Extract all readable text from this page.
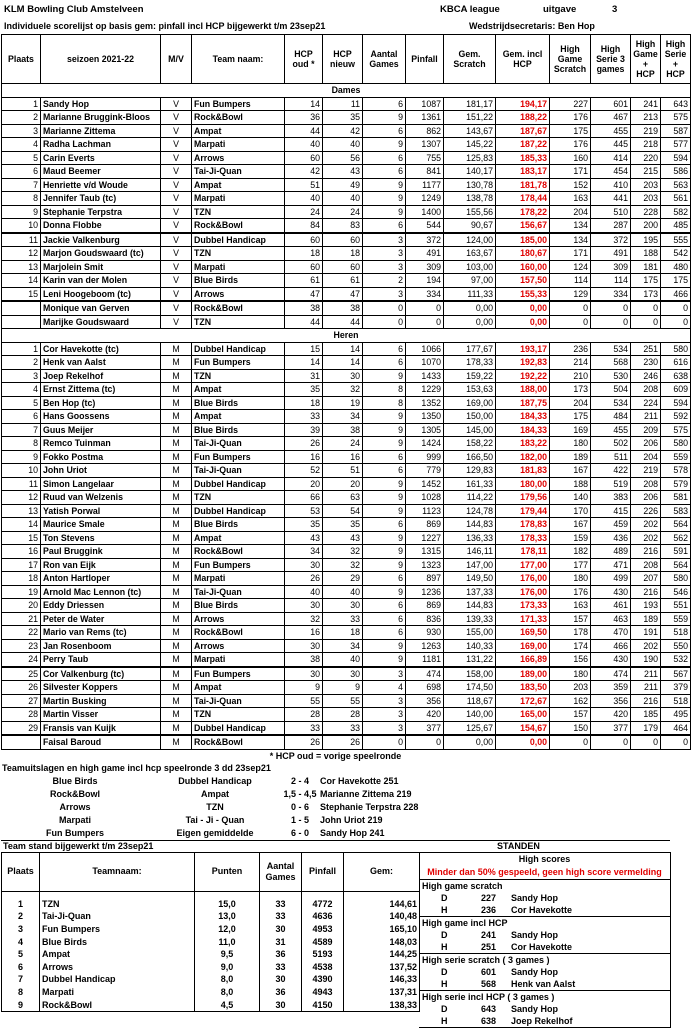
KLM Bowling Club Amstelveen	KBCA league	uitgave	3
Individuele scorelijst op basis gem: pinfall incl HCP bijgewerkt t/m 23sep21	Wedstrijdsecretaris: Ben Hop
Plaats	seizoen 2021-22	M/V	Team naam:	HCP oud *	HCP nieuw	Aantal Games	Pinfall	Gem. Scratch	Gem. incl HCP	High Game Scratch	High Serie 3 games	High Game + HCP	High Serie + HCP
Dames													
1	Sandy Hop	V	Fun Bumpers	14	11	6	1087	181,17	194,17	227	601	241	643
2	Marianne Bruggink-Bloos	V	Rock&Bowl	36	35	9	1361	151,22	188,22	176	467	213	575
3	Marianne Zittema	V	Ampat	44	42	6	862	143,67	187,67	175	455	219	587
4	Radha Lachman	V	Marpati	40	40	9	1307	145,22	187,22	176	445	218	577
5	Carin Everts	V	Arrows	60	56	6	755	125,83	185,33	160	414	220	594
6	Maud Beemer	V	Tai-Ji-Quan	42	43	6	841	140,17	183,17	171	454	215	586
7	Henriette v/d Woude	V	Ampat	51	49	9	1177	130,78	181,78	152	410	203	563
8	Jennifer Taub (tc)	V	Marpati	40	40	9	1249	138,78	178,44	163	441	203	561
9	Stephanie Terpstra	V	TZN	24	24	9	1400	155,56	178,22	204	510	228	582
10	Donna Flobbe	V	Rock&Bowl	84	83	6	544	90,67	156,67	134	287	200	485
11	Jackie Valkenburg	V	Dubbel Handicap	60	60	3	372	124,00	185,00	134	372	195	555
12	Marjon Goudswaard (tc)	V	TZN	18	18	3	491	163,67	180,67	171	491	188	542
13	Marjolein Smit	V	Marpati	60	60	3	309	103,00	160,00	124	309	181	480
14	Karin van der Molen	V	Blue Birds	61	61	2	194	97,00	157,50	114	114	175	175
15	Leni Hoogeboom (tc)	V	Arrows	47	47	3	334	111,33	155,33	129	334	173	466
	Monique van Gerven	V	Rock&Bowl	38	38	0	0	0,00	0,00	0	0	0	0
	Marijke Goudswaard	V	TZN	44	44	0	0	0,00	0,00	0	0	0	0
Heren													
1	Cor Havekotte (tc)	M	Dubbel Handicap	15	14	6	1066	177,67	193,17	236	534	251	580
2	Henk van Aalst	M	Fun Bumpers	14	14	6	1070	178,33	192,83	214	568	230	616
3	Joep Rekelhof	M	TZN	31	30	9	1433	159,22	192,22	210	530	246	638
4	Ernst Zittema (tc)	M	Ampat	35	32	8	1229	153,63	188,00	173	504	208	609
5	Ben Hop (tc)	M	Blue Birds	18	19	8	1352	169,00	187,75	204	534	224	594
6	Hans Goossens	M	Ampat	33	34	9	1350	150,00	184,33	175	484	211	592
7	Guus Meijer	M	Blue Birds	39	38	9	1305	145,00	184,33	169	455	209	575
8	Remco Tuinman	M	Tai-Ji-Quan	26	24	9	1424	158,22	183,22	180	502	206	580
9	Fokko Postma	M	Fun Bumpers	16	16	6	999	166,50	182,00	189	511	204	559
10	John Uriot	M	Tai-Ji-Quan	52	51	6	779	129,83	181,83	167	422	219	578
11	Simon Langelaar	M	Dubbel Handicap	20	20	9	1452	161,33	180,00	188	519	208	579
12	Ruud van Welzenis	M	TZN	66	63	9	1028	114,22	179,56	140	383	206	581
13	Yatish Porwal	M	Dubbel Handicap	53	54	9	1123	124,78	179,44	170	415	226	583
14	Maurice Smale	M	Blue Birds	35	35	6	869	144,83	178,83	167	459	202	564
15	Ton Stevens	M	Ampat	43	43	9	1227	136,33	178,33	159	436	202	562
16	Paul Bruggink	M	Rock&Bowl	34	32	9	1315	146,11	178,11	182	489	216	591
17	Ron van Eijk	M	Fun Bumpers	30	32	9	1323	147,00	177,00	177	471	208	564
18	Anton Hartloper	M	Marpati	26	29	6	897	149,50	176,00	180	499	207	580
19	Arnold Mac Lennon (tc)	M	Tai-Ji-Quan	40	40	9	1236	137,33	176,00	176	430	216	546
20	Eddy Driessen	M	Blue Birds	30	30	6	869	144,83	173,33	163	461	193	551
21	Peter de Water	M	Arrows	32	33	6	836	139,33	171,33	157	463	189	559
22	Mario van Rems (tc)	M	Rock&Bowl	16	18	6	930	155,00	169,50	178	470	191	518
23	Jan Rosenboom	M	Arrows	30	34	9	1263	140,33	169,00	174	466	202	550
24	Perry Taub	M	Marpati	38	40	9	1181	131,22	166,89	156	430	190	532
25	Cor Valkenburg (tc)	M	Fun Bumpers	30	30	3	474	158,00	189,00	180	474	211	567
26	Silvester Koppers	M	Ampat	9	9	4	698	174,50	183,50	203	359	211	379
27	Martin Busking	M	Tai-Ji-Quan	55	55	3	356	118,67	172,67	162	356	216	518
28	Martin Visser	M	TZN	28	28	3	420	140,00	165,00	157	420	185	495
29	Fransis van Kuijk	M	Dubbel Handicap	33	33	3	377	125,67	154,67	150	377	179	464
	Faisal Baroud	M	Rock&Bowl	26	26	0	0	0,00	0,00	0	0	0	0
* HCP oud = vorige speelronde
Teamuitslagen en high game incl hcp speelronde 3 dd 23sep21
Blue Birds	Dubbel Handicap	2 - 4	Cor Havekotte 251
Rock&Bowl	Ampat	1,5 - 4,5	Marianne Zittema 219
Arrows	TZN	0 - 6	Stephanie Terpstra 228
Marpati	Tai - Ji - Quan	1 - 5	John Uriot 219
Fun Bumpers	Eigen gemiddelde	6 - 0	Sandy Hop 241
Team stand bijgewerkt t/m 23sep21	STANDEN
Plaats	Teamnaam:	Punten	Aantal Games	Pinfall	Gem:

1	TZN	15,0	33	4772	144,61
2	Tai-Ji-Quan	13,0	33	4636	140,48
3	Fun Bumpers	12,0	30	4953	165,10
4	Blue Birds	11,0	31	4589	148,03
5	Ampat	9,5	36	5193	144,25
6	Arrows	9,0	33	4538	137,52
7	Dubbel Handicap	8,0	30	4390	146,33
8	Marpati	8,0	36	4943	137,31
9	Rock&Bowl	4,5	30	4150	138,33
High scores
Minder dan 50% gespeeld, geen high score vermelding
High game scratch
D	227 Sandy Hop
H	236 Cor Havekotte
High game incl HCP
D	241 Sandy Hop
H	251 Cor Havekotte
High serie scratch ( 3 games )
D	601 Sandy Hop
H	568 Henk van Aalst
High serie incl HCP ( 3 games )
D	643 Sandy Hop
H	638 Joep Rekelhof
